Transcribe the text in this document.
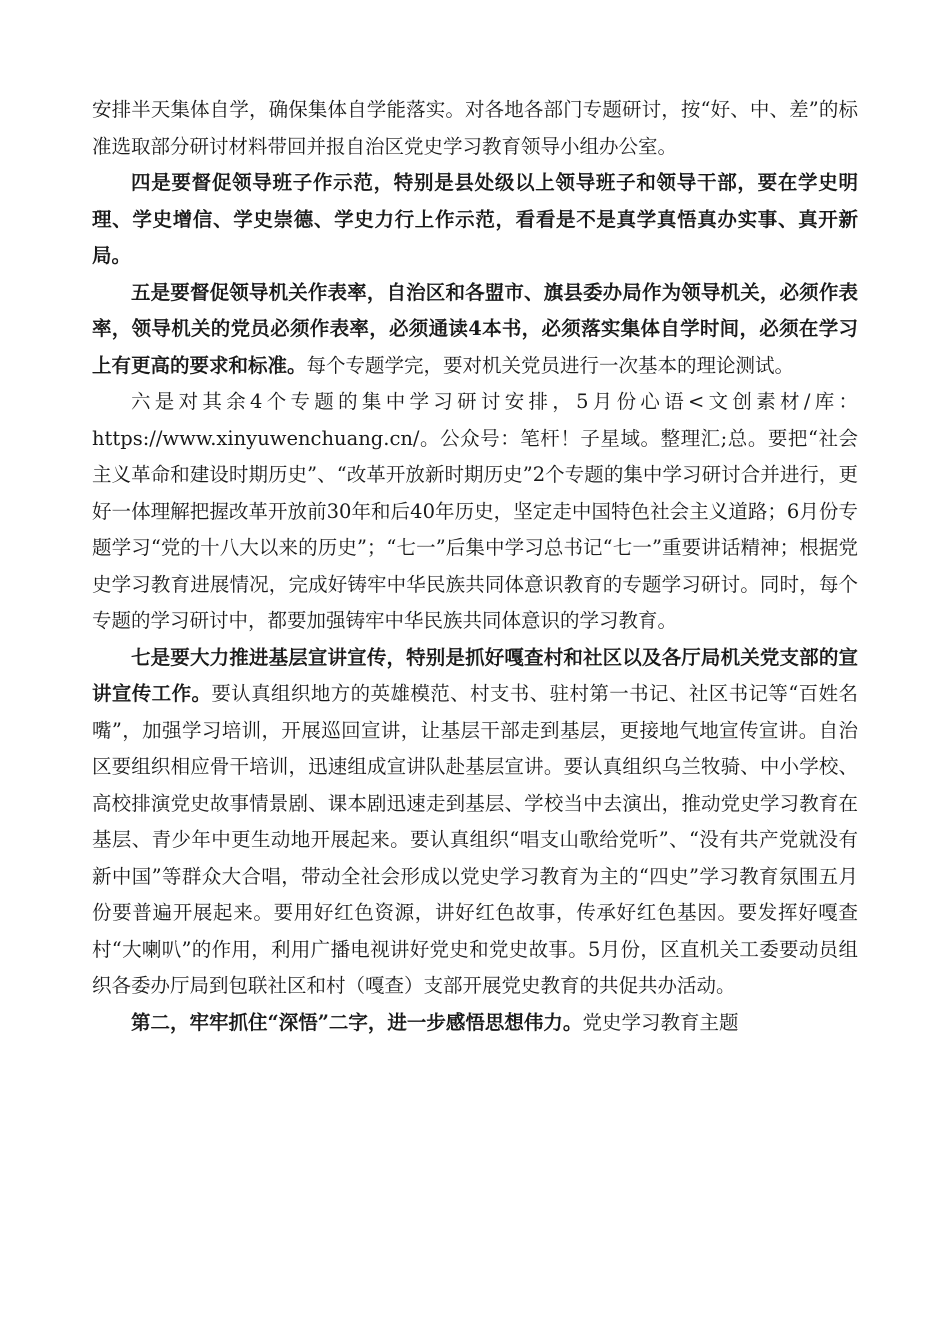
安排半天集体自学，确保集体自学能落实。对各地各部门专题研讨，按“好、中、差”的标准选取部分研讨材料带回并报自治区党史学习教育领导小组办公室。

四是要督促领导班子作示范，特别是县处级以上领导班子和领导干部，要在学史明理、学史增信、学史崇德、学史力行上作示范，看看是不是真学真悟真办实事、真开新局。

五是要督促领导机关作表率，自治区和各盟市、旗县委办局作为领导机关，必须作表率，领导机关的党员必须作表率，必须通读4本书，必须落实集体自学时间，必须在学习上有更高的要求和标准。每个专题学完，要对机关党员进行一次基本的理论测试。

六是对其余4个专题的集中学习研讨安排，5月份心语<文创素材/库：https://www.xinyuwenchuang.cn/。公众号：笔杆！子星域。整理汇;总。要把“社会主义革命和建设时期历史”、“改革开放新时期历史”2个专题的集中学习研讨合并进行，更好一体理解把握改革开放前30年和后40年历史，坚定走中国特色社会主义道路；6月份专题学习“党的十八大以来的历史”；“七一”后集中学习总书记“七一”重要讲话精神；根据党史学习教育进展情况，完成好铸牢中华民族共同体意识教育的专题学习研讨。同时，每个专题的学习研讨中，都要加强铸牢中华民族共同体意识的学习教育。

七是要大力推进基层宣讲宣传，特别是抓好嘎查村和社区以及各厅局机关党支部的宣讲宣传工作。要认真组织地方的英雄模范、村支书、驻村第一书记、社区书记等“百姓名嘴”，加强学习培训，开展巡回宣讲，让基层干部走到基层，更接地气地宣传宣讲。自治区要组织相应骨干培训，迅速组成宣讲队赴基层宣讲。要认真组织乌兰牧骑、中小学校、高校排演党史故事情景剧、课本剧迅速走到基层、学校当中去演出，推动党史学习教育在基层、青少年中更生动地开展起来。要认真组织“唱支山歌给党听”、“没有共产党就没有新中国”等群众大合唱，带动全社会形成以党史学习教育为主的“四史”学习教育氛围五月份要普遍开展起来。要用好红色资源，讲好红色故事，传承好红色基因。要发挥好嘎查村“大喇叭”的作用，利用广播电视讲好党史和党史故事。5月份，区直机关工委要动员组织各委办厅局到包联社区和村（嘎查）支部开展党史教育的共促共办活动。

第二，牢牢抓住“深悟”二字，进一步感悟思想伟力。党史学习教育主题
